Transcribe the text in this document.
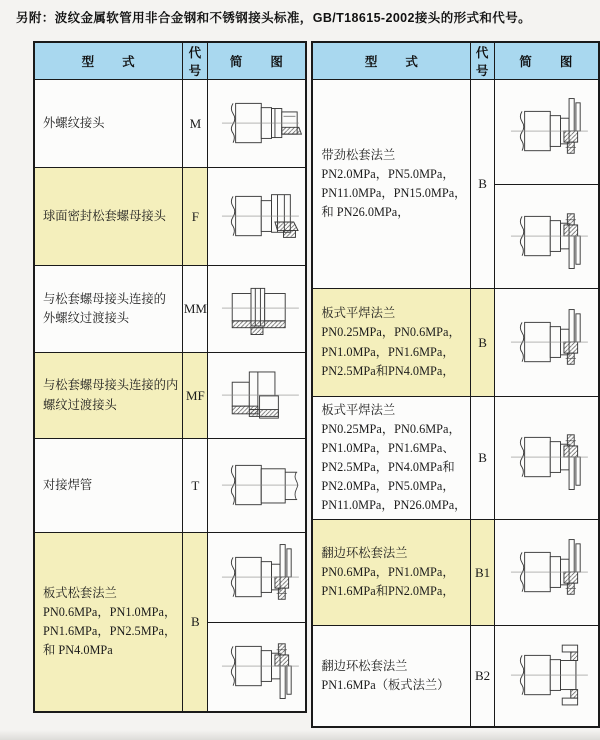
另附：波纹金属软管用非合金钢和不锈钢接头标准，GB/T18615-2002接头的形式和代号。
型　　式	代号	简　　图

外螺纹接头	M	

球面密封松套螺母接头	F	

与松套螺母接头连接的
外螺纹过渡接头	MM	

与松套螺母接头连接的内
螺纹过渡接头	MF	

对接焊管	T	

板式松套法兰
PN0.6MPa，PN1.0MPa，
PN1.6MPa，PN2.5MPa，
和 PN4.0MPa	B	

型　　式	代号	简　　图

带劲松套法兰
PN2.0MPa，PN5.0MPa，
PN11.0MPa，PN15.0MPa，
和 PN26.0MPa，	B	

板式平焊法兰
PN0.25MPa，PN0.6MPa，
PN1.0MPa，PN1.6MPa，
PN2.5MPa和PN4.0MPa，	B	

板式平焊法兰
PN0.25MPa，PN0.6MPa，
PN1.0MPa，PN1.6MPa、
PN2.5MPa，PN4.0MPa和
PN2.0MPa，PN5.0MPa，
PN11.0MPa，PN26.0MPa，
	B	

翻边环松套法兰
PN0.6MPa，PN1.0MPa，
PN1.6MPa和PN2.0MPa，	B1	

翻边环松套法兰
PN1.6MPa（板式法兰）	B2	
